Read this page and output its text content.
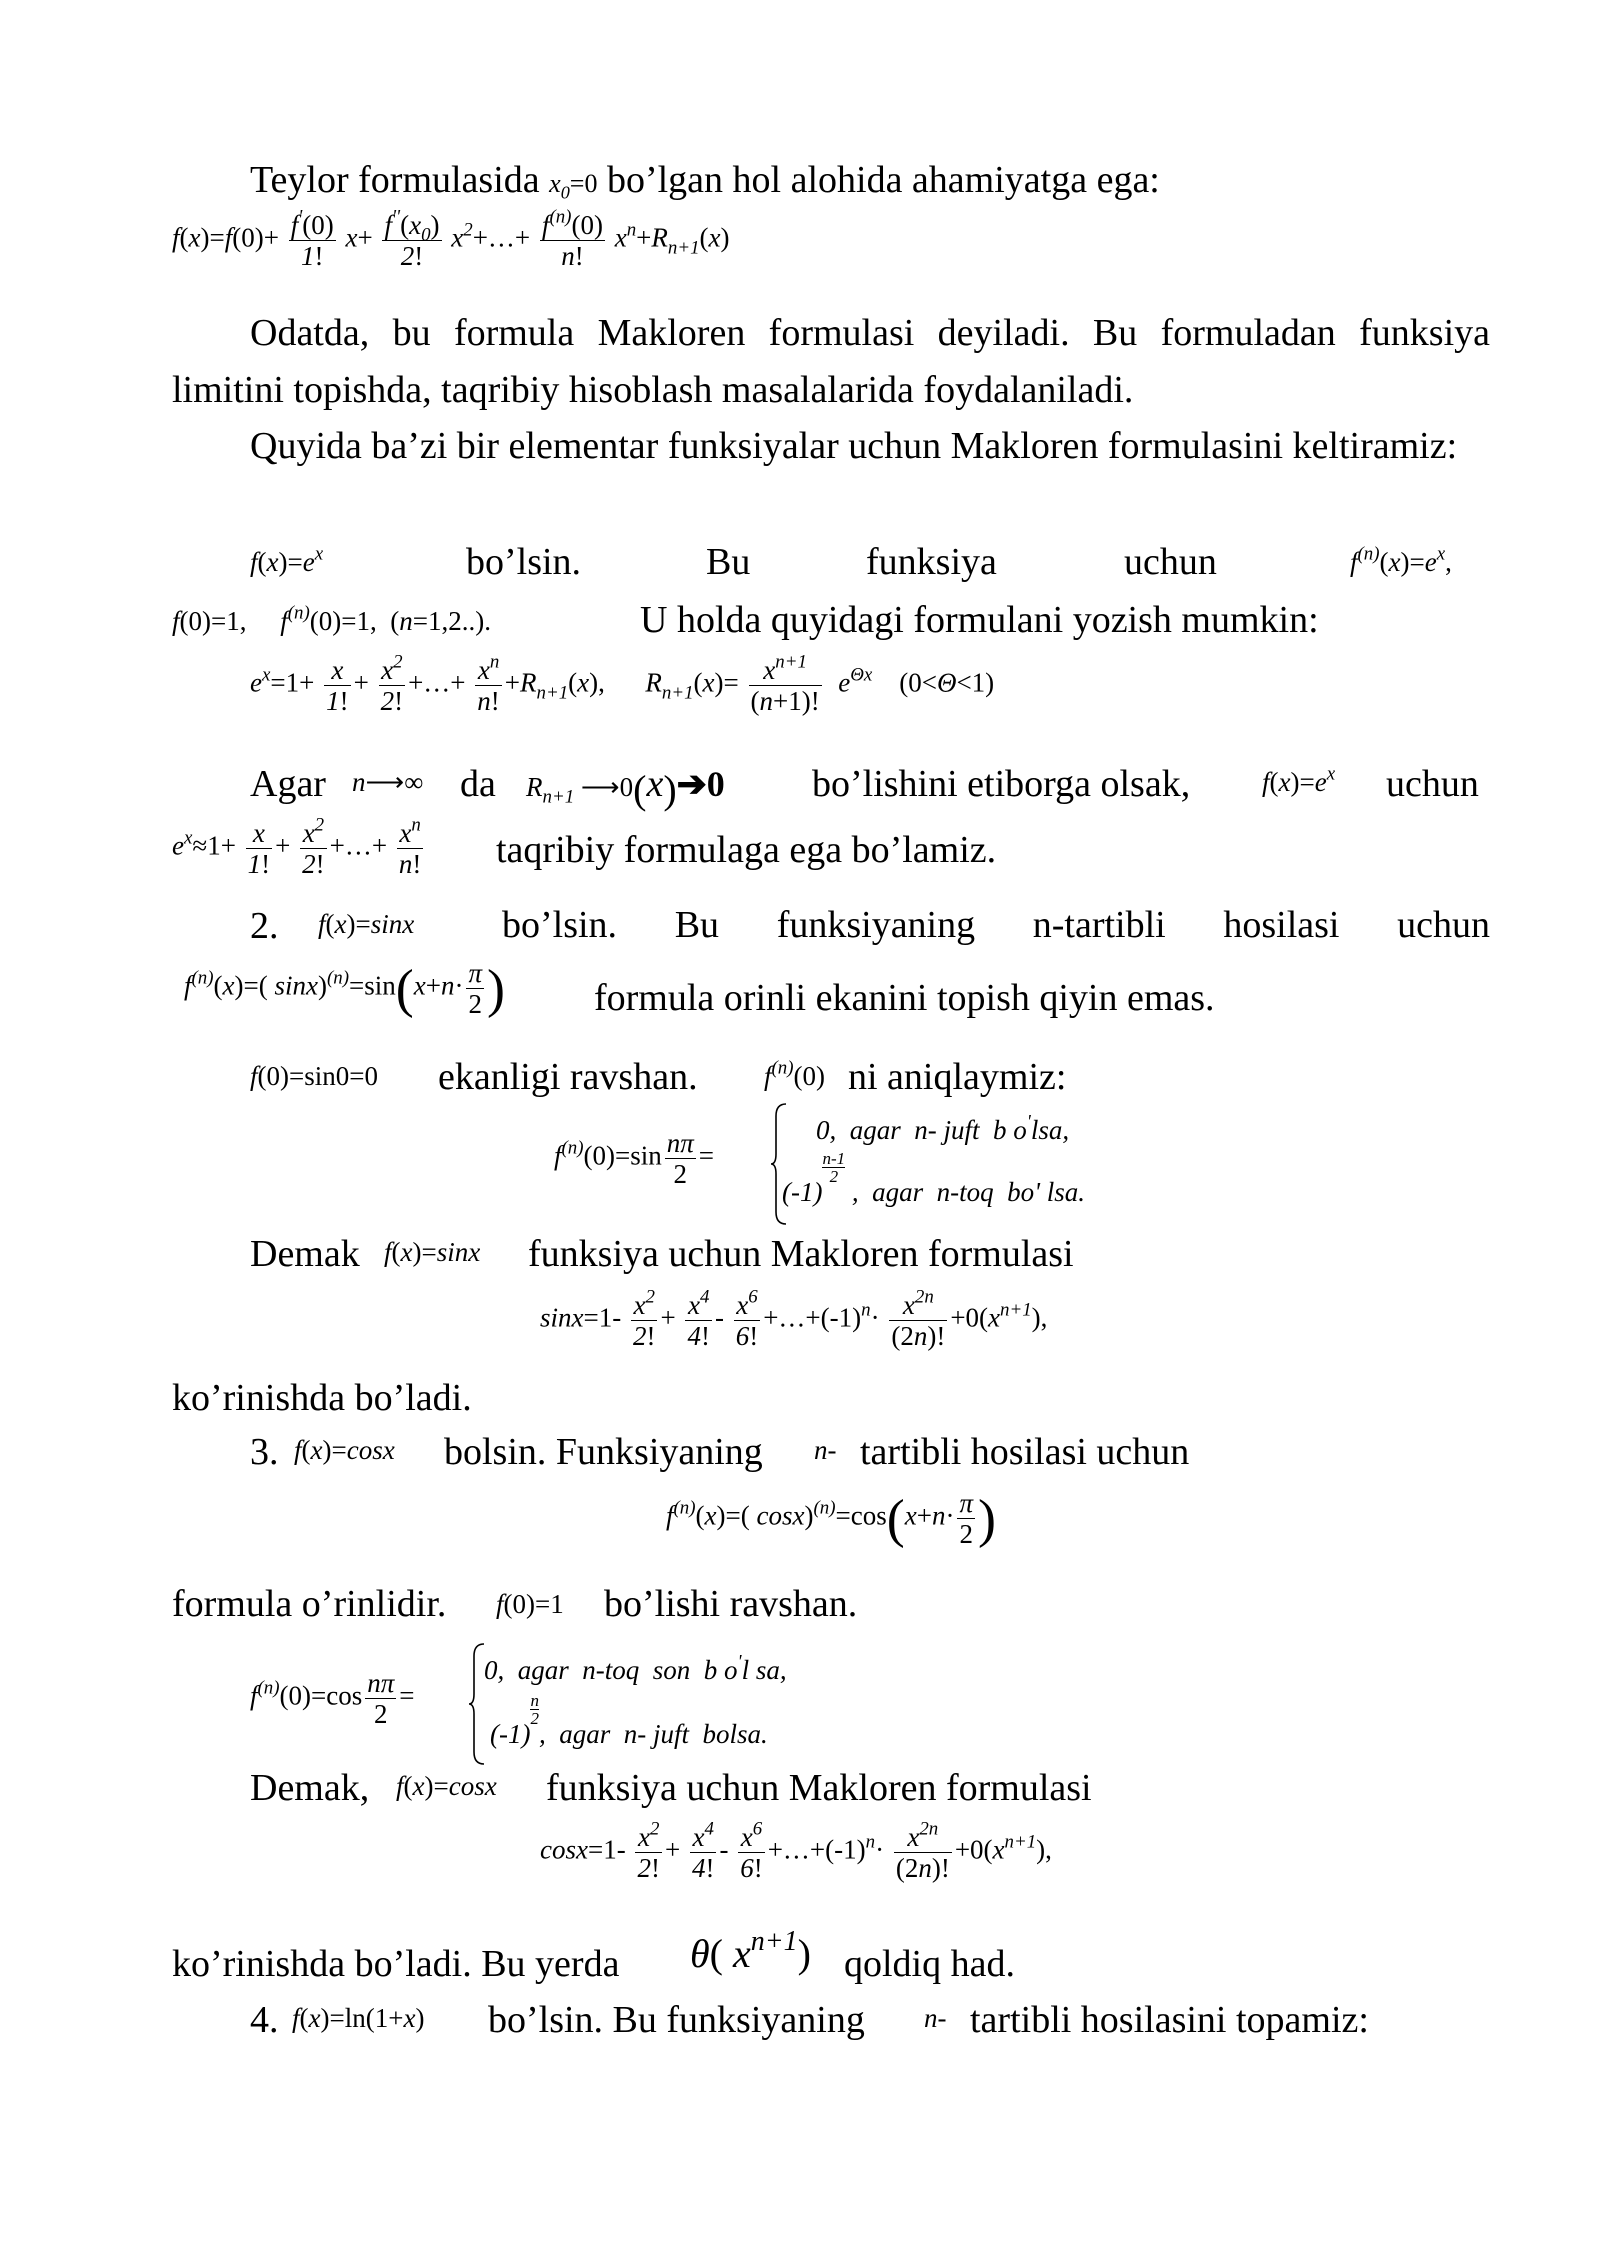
Teylor formulasida $x_0=0$ bo’lgan hol alohida ahamiyatga ega:
$f(x)=f(0)+ \frac{f'(0)}{1!} x+ \frac{f''(x_0)}{2!}$ $x^2+\dots+ \frac{f^{(n)}(0)}{n!} x^n+R_{n+1}(x)$
Odatda, bu formula Makloren formulasi deyiladi. Bu formuladan funksiya limitini topishda, taqribiy hisoblash masalalarida foydalaniladi.
Quyida ba’zi bir elementar funksiyalar uchun Makloren formulasini keltiramiz:
$f(x)=e^x$	bo’lsin.	Bu	funksiya	uchun	$f^{(n)}(x)=e^x$,
f(0)=1,     $f^{(n)}(0)=1$, (n=1,2..).	U holda quyidagi formulani yozish mumkin:
$e^x=1+ \frac{x}{1!} + \frac{x^2}{2!}$ +…+ $\frac{x^n}{n!} +R_{n+1}(x)$,      $R_{n+1}(x)= \frac{x^{n+1}}{(n+1)!} e^{\Theta x}$ (0<Θ<1)
Agar n⟶∞ da $R_{n+1}$ ⟶0(x)➔0 bo’lishini etiborga olsak,	$f(x)=e^x$ uchun
$e^x\approx 1+ \frac{x}{1!} + \frac{x^2}{2!}$ +…+ $\frac{x^n}{n!}$ taqribiy formulaga ega bo’lamiz.
2. f(x)=sinx bo’lsin. Bu funksiyaning n-tartibli hosilasi uchun
$f^{(n)}(x)=$( $\sin x)^{(n)}=\sin(x+n\cdot \frac{\pi}{2}$ ) formula orinli ekanini topish qiyin emas.
f(0)=sin0=0 ekanligi ravshan. $f^{(n)}(0)$ ni aniqlaymiz:
$f^{(n)}(0)=\sin \frac{n\pi}{2}$ =
0,  agar  n- juft  b o'lsa,
(-1)
$\frac{n-1}{2}$
,  agar  n-toq  bo' lsa.
Demak f(x)=sinx funksiya uchun Makloren formulasi
$\sin x=1- \frac{x^2}{2!} + \frac{x^4}{4!} - \frac{x^6}{6!}$ $+\dots+(-1)^n\cdot \frac{x^{2n}}{(2n)!} +0(x^{n+1})$,
ko’rinishda bo’ladi.
3. f(x)=cosx bolsin. Funksiyaning n- tartibli hosilasi uchun
$f^{(n)}(x)=$( $\cos x)^{(n)}=\cos(x+n\cdot \frac{\pi}{2}$ )
formula o’rinlidir. f(0)=1 bo’lishi ravshan.
$f^{(n)}(0)=\cos \frac{n\pi}{2}$ =
0,  agar  n-toq  son  b o'l sa,
(-1)
$\frac{n}{2}$
,  agar  n- juft  bolsa.
Demak, f(x)=cosx funksiya uchun Makloren formulasi
$\cos x=1- \frac{x^2}{2!} + \frac{x^4}{4!} - \frac{x^6}{6!}$ $+\dots+(-1)^n\cdot \frac{x^{2n}}{(2n)!} +0(x^{n+1})$,
ko’rinishda bo’ladi. Bu yerda θ( $x^{n+1}$) qoldiq had.
4. f(x)=ln(1+x) bo’lsin. Bu funksiyaning n- tartibli hosilasini topamiz:
